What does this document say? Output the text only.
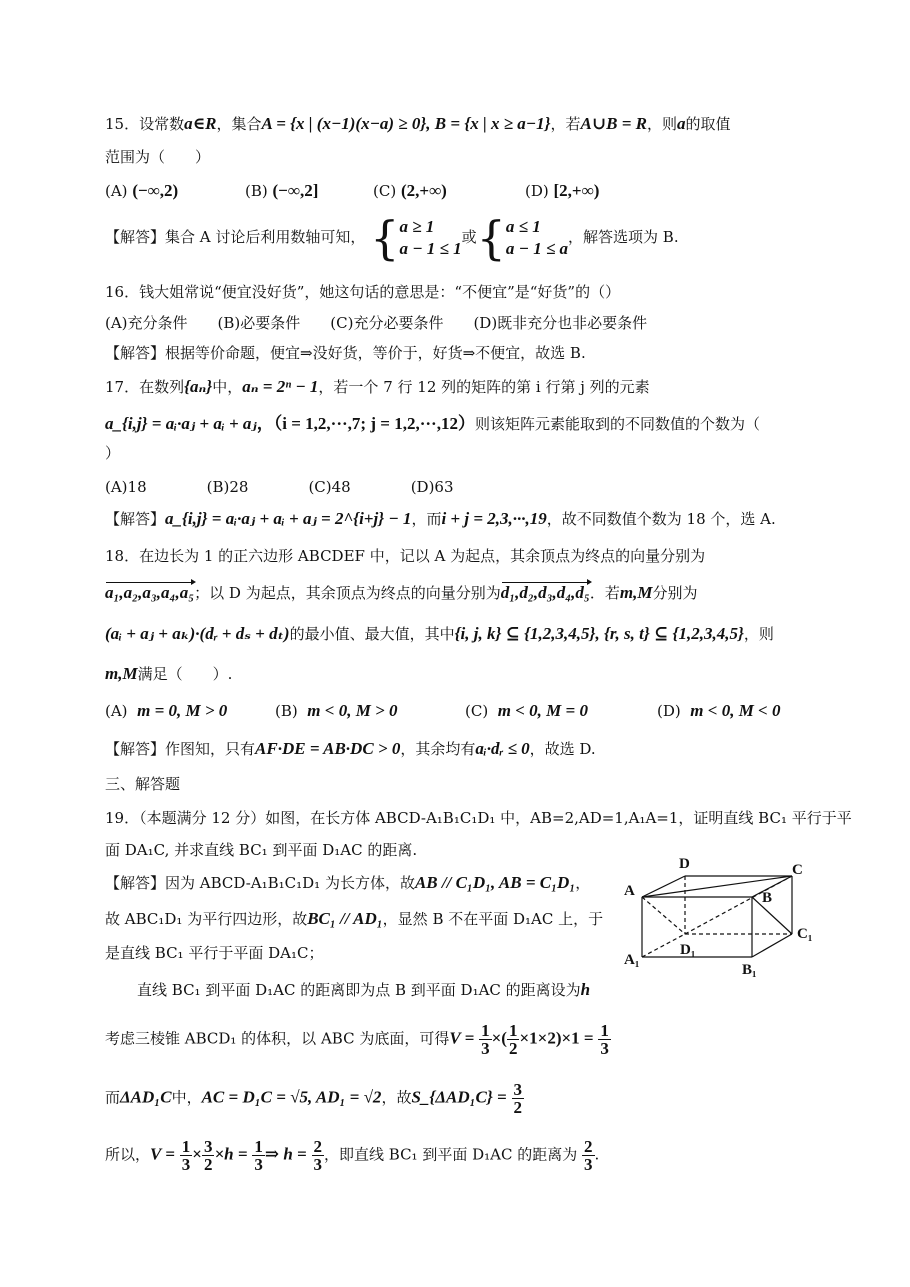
15．设常数a∈R，集合A = {x | (x−1)(x−a) ≥ 0}, B = {x | x ≥ a−1}，若A∪B = R，则a的取值
范围为（　　）
(A) (−∞,2)	(B) (−∞,2]	(C) (2,+∞)	(D) [2,+∞)
【解答】集合 A 讨论后利用数轴可知， { a ≥ 1
a − 1 ≤ 1
或{ a ≤ 1
a − 1 ≤ a
，解答选项为 B.
16．钱大姐常说“便宜没好货”，她这句话的意思是：“不便宜”是“好货”的（）
(A)充分条件　　(B)必要条件　　(C)充分必要条件　　(D)既非充分也非必要条件
【解答】根据等价命题，便宜⇒没好货，等价于，好货⇒不便宜，故选 B.
17．在数列{aₙ}中，aₙ = 2ⁿ − 1，若一个 7 行 12 列的矩阵的第 i 行第 j 列的元素
a_{i,j} = aᵢ·aⱼ + aᵢ + aⱼ，（i = 1,2,···,7; j = 1,2,···,12）则该矩阵元素能取到的不同数值的个数为（
）
(A)18　　　　(B)28　　　　(C)48　　　　(D)63
【解答】a_{i,j} = aᵢ·aⱼ + aᵢ + aⱼ = 2^{i+j} − 1，而i + j = 2,3,···,19，故不同数值个数为 18 个，选 A.
18．在边长为 1 的正六边形 ABCDEF 中，记以 A 为起点，其余顶点为终点的向量分别为
a₁,a₂,a₃,a₄,a₅；以 D 为起点，其余顶点为终点的向量分别为d₁,d₂,d₃,d₄,d₅．若m,M分别为
(aᵢ + aⱼ + aₖ)·(dᵣ + dₛ + dₜ)的最小值、最大值，其中{i, j, k} ⊆ {1,2,3,4,5}, {r, s, t} ⊆ {1,2,3,4,5}，则
m,M满足（　　）.
(A) m = 0, M > 0	(B) m < 0, M > 0	(C) m < 0, M = 0	(D) m < 0, M < 0
【解答】作图知，只有AF·DE = AB·DC > 0，其余均有aᵢ·dᵣ ≤ 0，故选 D.
三、解答题
19．（本题满分 12 分）如图，在长方体 ABCD-A₁B₁C₁D₁ 中，AB=2,AD=1,A₁A=1，证明直线 BC₁ 平行于平
面 DA₁C, 并求直线 BC₁ 到平面 D₁AC 的距离.
【解答】因为 ABCD-A₁B₁C₁D₁ 为长方体，故AB // C₁D₁, AB = C₁D₁，
故 ABC₁D₁ 为平行四边形，故BC₁ // AD₁，显然 B 不在平面 D₁AC 上，于
是直线 BC₁ 平行于平面 DA₁C；
直线 BC₁ 到平面 D₁AC 的距离即为点 B 到平面 D₁AC 的距离设为h
考虑三棱锥 ABCD₁ 的体积，以 ABC 为底面，可得$V = \frac{1}{3}$ ×( $\frac{1}{2} \times 1\times 2)\times 1 = \frac{1}{3}$
而ΔAD₁C中，AC = D₁C = √5, AD₁ = √2，故S_{ΔAD₁C} = $\frac{3}{2}$
所以，$V = \frac{1}{3} \times \frac{3}{2} \times h = \frac{1}{3}$ ⇒ $h = \frac{2}{3}$ ，即直线 BC₁ 到平面 D₁AC 的距离为 $\frac{2}{3}$ .
D	C
A	B
C₁
D₁
A₁
B₁
